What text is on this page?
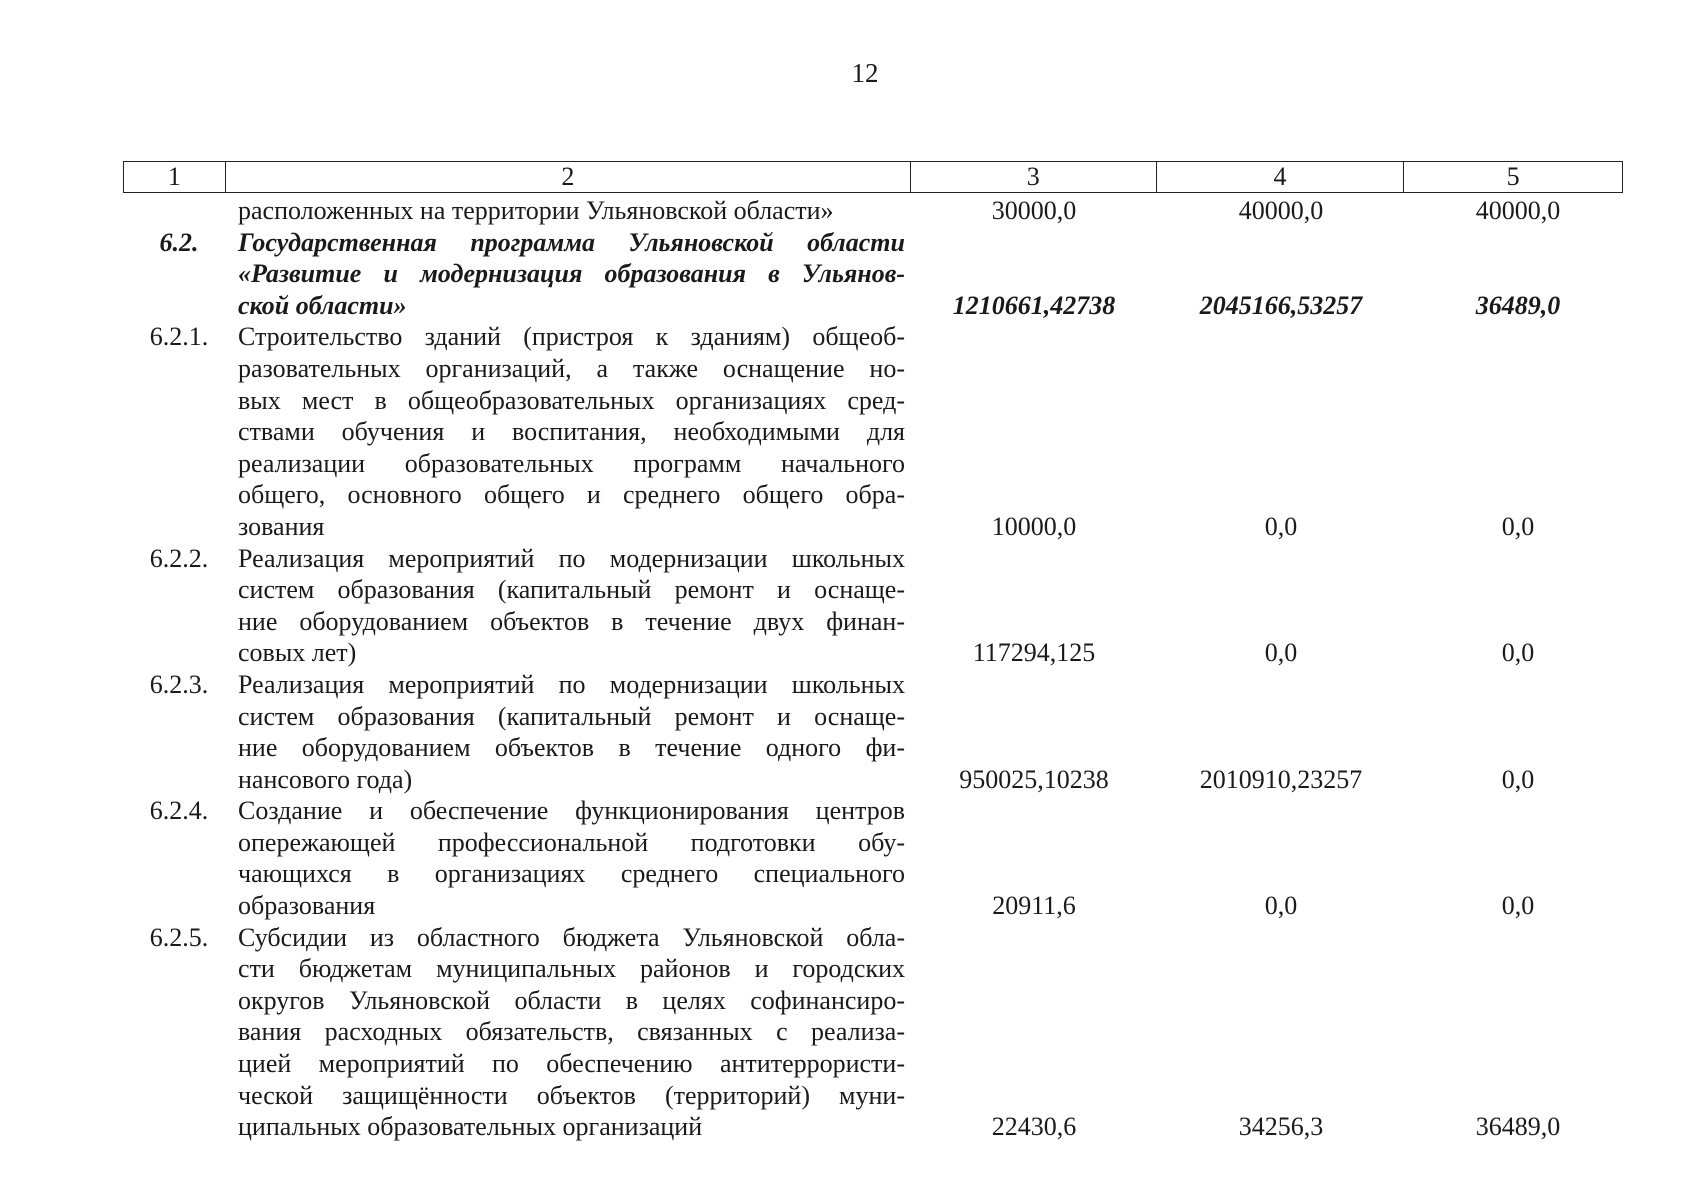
12
1	2	3	4	5
расположенных на территории Ульяновской области»	30000,0	40000,0	40000,0
6.2.	Государственная программа Ульяновской области
«Развитие и модернизация образования в Ульянов-
ской области»	1210661,42738	2045166,53257	36489,0
6.2.1.	Строительство зданий (пристроя к зданиям) общеоб-
разовательных организаций, а также оснащение но-
вых мест в общеобразовательных организациях сред-
ствами обучения и воспитания, необходимыми для
реализации образовательных программ начального
общего, основного общего и среднего общего обра-
зования	10000,0	0,0	0,0
6.2.2.	Реализация мероприятий по модернизации школьных
систем образования (капитальный ремонт и оснаще-
ние оборудованием объектов в течение двух финан-
совых лет)	117294,125	0,0	0,0
6.2.3.	Реализация мероприятий по модернизации школьных
систем образования (капитальный ремонт и оснаще-
ние оборудованием объектов в течение одного фи-
нансового года)	950025,10238	2010910,23257	0,0
6.2.4.	Создание и обеспечение функционирования центров
опережающей профессиональной подготовки обу-
чающихся в организациях среднего специального
образования	20911,6	0,0	0,0
6.2.5.	Субсидии из областного бюджета Ульяновской обла-
сти бюджетам муниципальных районов и городских
округов Ульяновской области в целях софинансиро-
вания расходных обязательств, связанных с реализа-
цией мероприятий по обеспечению антитеррористи-
ческой защищённости объектов (территорий) муни-
ципальных образовательных организаций	22430,6	34256,3	36489,0
